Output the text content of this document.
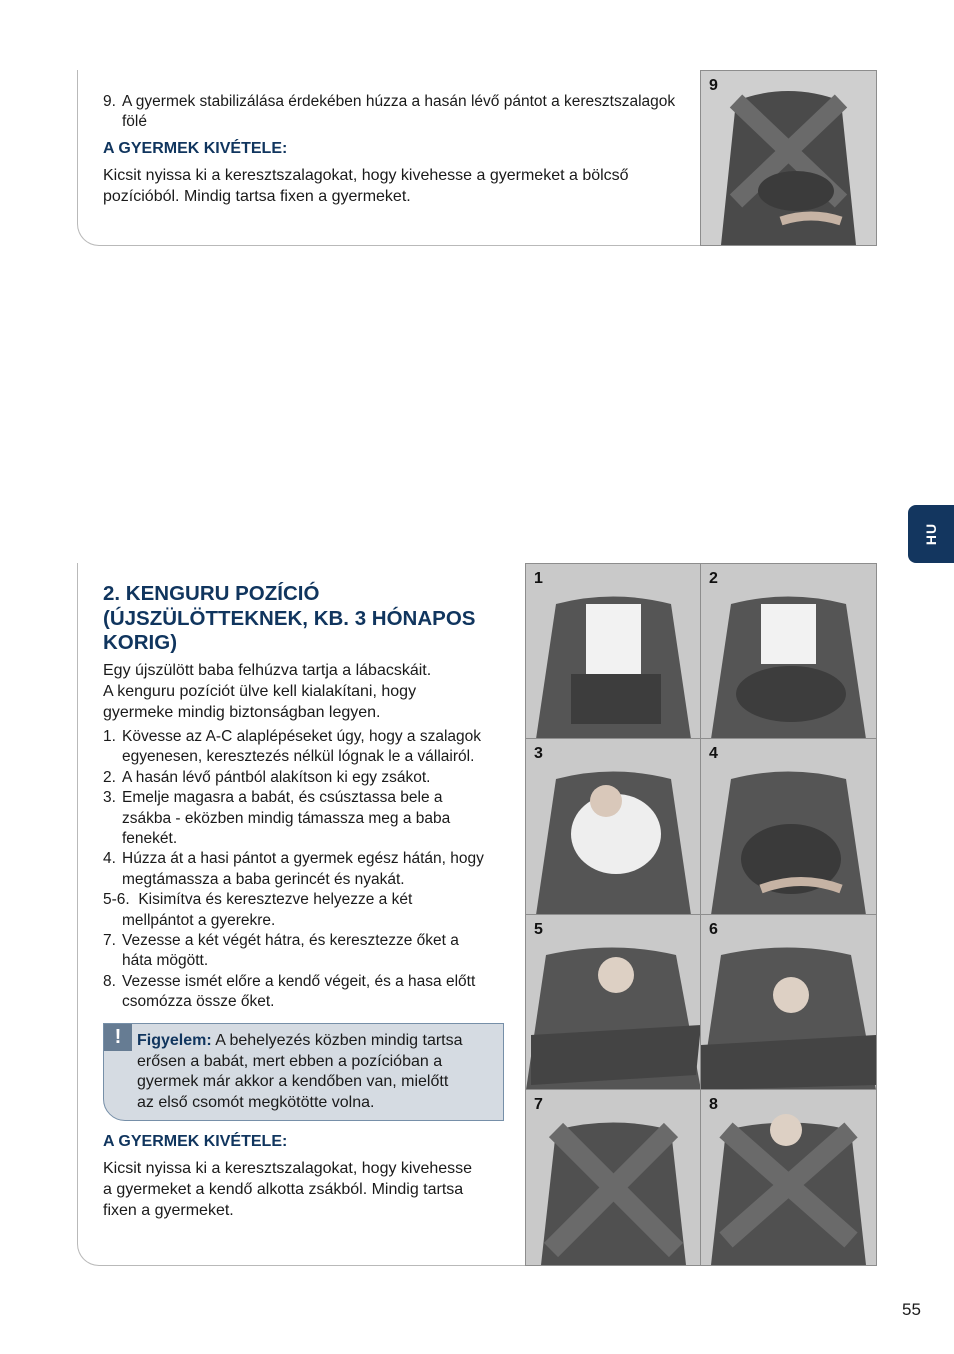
9. A gyermek stabilizálása érdekében húzza a hasán lévő pántot a keresztszalagok fölé
A GYERMEK KIVÉTELE:
Kicsit nyissa ki a keresztszalagokat, hogy kivehesse a gyermeket a bölcső pozícióból. Mindig tartsa fixen a gyermeket.
9
HU
2. KENGURU POZÍCIÓ
(ÚJSZÜLÖTTEKNEK, KB. 3 HÓNAPOS
KORIG)
Egy újszülött baba felhúzva tartja a lábacskáit.
A kenguru pozíciót ülve kell kialakítani, hogy
gyermeke mindig biztonságban legyen.
1. Kövesse az A-C alaplépéseket úgy, hogy a szalagok
egyenesen, keresztezés nélkül lógnak le a vállairól.
2. A hasán lévő pántból alakítson ki egy zsákot.
3. Emelje magasra a babát, és csúsztassa bele a
zsákba - eközben mindig támassza meg a baba
fenekét.
4. Húzza át a hasi pántot a gyermek egész hátán, hogy
megtámassza a baba gerincét és nyakát.
5-6. Kisimítva és keresztezve helyezze a két
mellpántot a gyerekre.
7. Vezesse a két végét hátra, és keresztezze őket a
háta mögött.
8. Vezesse ismét előre a kendő végeit, és a hasa előtt
csomózza össze őket.
! Figyelem: A behelyezés közben mindig tartsa
erősen a babát, mert ebben a pozícióban a
gyermek már akkor a kendőben van, mielőtt
az első csomót megkötötte volna.
A GYERMEK KIVÉTELE:
Kicsit nyissa ki a keresztszalagokat, hogy kivehesse
a gyermeket a kendő alkotta zsákból. Mindig tartsa
fixen a gyermeket.
1	2
3	4
5	6
7	8
55
